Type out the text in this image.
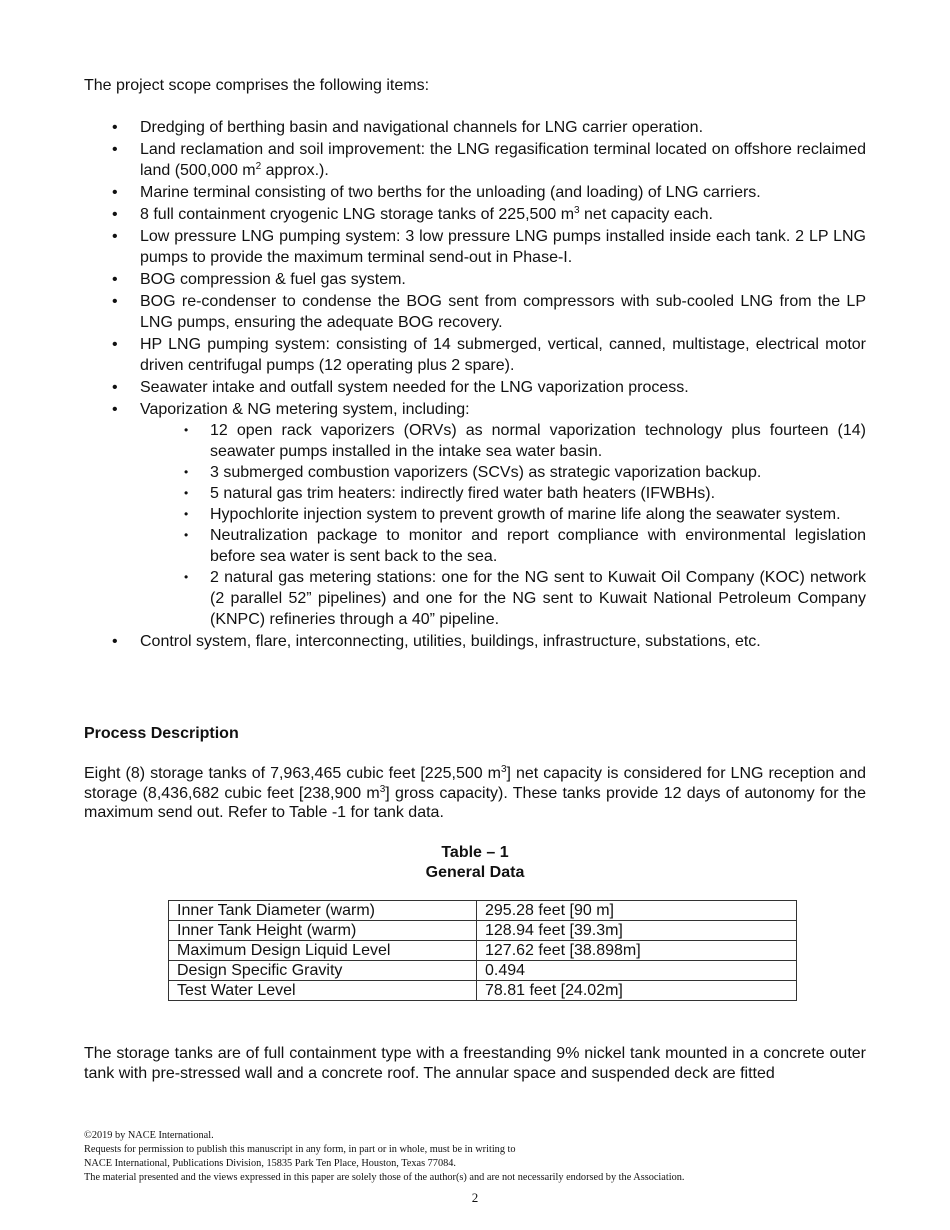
The project scope comprises the following items:

• Dredging of berthing basin and navigational channels for LNG carrier operation.
• Land reclamation and soil improvement: the LNG regasification terminal located on offshore reclaimed land (500,000 $m^2$ approx.).
• Marine terminal consisting of two berths for the unloading (and loading) of LNG carriers.
• 8 full containment cryogenic LNG storage tanks of 225,500 $m^3$ net capacity each.
• Low pressure LNG pumping system: 3 low pressure LNG pumps installed inside each tank. 2 LP LNG pumps to provide the maximum terminal send-out in Phase-I.
• BOG compression & fuel gas system.
• BOG re-condenser to condense the BOG sent from compressors with sub-cooled LNG from the LP LNG pumps, ensuring the adequate BOG recovery.
• HP LNG pumping system: consisting of 14 submerged, vertical, canned, multistage, electrical motor driven centrifugal pumps (12 operating plus 2 spare).
• Seawater intake and outfall system needed for the LNG vaporization process.
• Vaporization & NG metering system, including:
• 12 open rack vaporizers (ORVs) as normal vaporization technology plus fourteen (14) seawater pumps installed in the intake sea water basin.
• 3 submerged combustion vaporizers (SCVs) as strategic vaporization backup.
• 5 natural gas trim heaters: indirectly fired water bath heaters (IFWBHs).
• Hypochlorite injection system to prevent growth of marine life along the seawater system.
• Neutralization package to monitor and report compliance with environmental legislation before sea water is sent back to the sea.
• 2 natural gas metering stations: one for the NG sent to Kuwait Oil Company (KOC) network (2 parallel 52” pipelines) and one for the NG sent to Kuwait National Petroleum Company (KNPC) refineries through a 40” pipeline.
• Control system, flare, interconnecting, utilities, buildings, infrastructure, substations, etc.

Process Description

Eight (8) storage tanks of 7,963,465 cubic feet [225,500 $m^3$] net capacity is considered for LNG reception and storage (8,436,682 cubic feet [238,900 $m^3$] gross capacity). These tanks provide 12 days of autonomy for the maximum send out. Refer to Table -1 for tank data.

Table – 1
General Data
Inner Tank Diameter (warm)	295.28 feet [90 m]
Inner Tank Height (warm)	128.94 feet [39.3m]
Maximum Design Liquid Level	127.62 feet [38.898m]
Design Specific Gravity	0.494
Test Water Level	78.81 feet [24.02m]

The storage tanks are of full containment type with a freestanding 9% nickel tank mounted in a concrete outer tank with pre-stressed wall and a concrete roof. The annular space and suspended deck are fitted

©2019 by NACE International.
Requests for permission to publish this manuscript in any form, in part or in whole, must be in writing to
NACE International, Publications Division, 15835 Park Ten Place, Houston, Texas 77084.
The material presented and the views expressed in this paper are solely those of the author(s) and are not necessarily endorsed by the Association.
2
